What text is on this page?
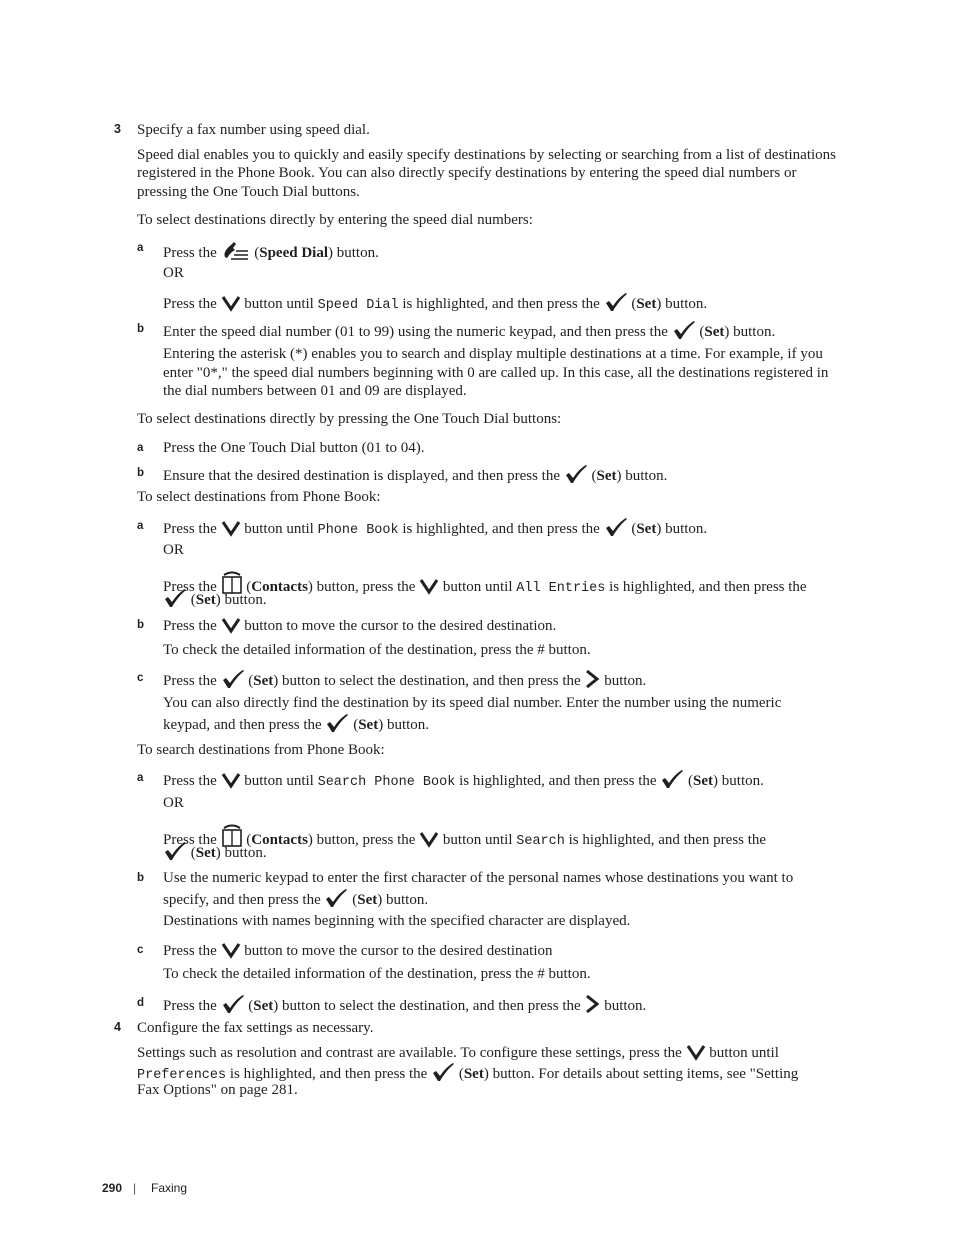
3 Specify a fax number using speed dial.
Speed dial enables you to quickly and easily specify destinations by selecting or searching from a list of destinations
registered in the Phone Book. You can also directly specify destinations by entering the speed dial numbers or
pressing the One Touch Dial buttons.
To select destinations directly by entering the speed dial numbers:
a Press the
(Speed Dial) button.
OR
Press the button until Speed Dial is highlighted, and then press the
(Set) button.
b Enter the speed dial number (01 to 99) using the numeric keypad, and then press the
(Set) button.
Entering the asterisk (*) enables you to search and display multiple destinations at a time. For example, if you
enter "0*," the speed dial numbers beginning with 0 are called up. In this case, all the destinations registered in
the dial numbers between 01 and 09 are displayed.
To select destinations directly by pressing the One Touch Dial buttons:
a Press the One Touch Dial button (01 to 04).
b Ensure that the desired destination is displayed, and then press the
(Set) button.
To select destinations from Phone Book:
a Press the button until Phone Book is highlighted, and then press the
(Set) button.
OR
Press the
(Contacts) button, press the button until All Entries is highlighted, and then press the
(Set) button.
b Press the button to move the cursor to the desired destination.
To check the detailed information of the destination, press the # button.
c Press the
(Set) button to select the destination, and then press the button.
You can also directly find the destination by its speed dial number. Enter the number using the numeric
keypad, and then press the
(Set) button.
To search destinations from Phone Book:
a Press the button until Search Phone Book is highlighted, and then press the
(Set) button.
OR
Press the
(Contacts) button, press the button until Search is highlighted, and then press the
(Set) button.
b Use the numeric keypad to enter the first character of the personal names whose destinations you want to
specify, and then press the
(Set) button.
Destinations with names beginning with the specified character are displayed.
c Press the button to move the cursor to the desired destination
To check the detailed information of the destination, press the # button.
d Press the
(Set) button to select the destination, and then press the button.
4 Configure the fax settings as necessary.
Settings such as resolution and contrast are available. To configure these settings, press the button until
Preferences is highlighted, and then press the
(Set) button. For details about setting items, see "Setting
Fax Options" on page 281.
290 | Faxing
